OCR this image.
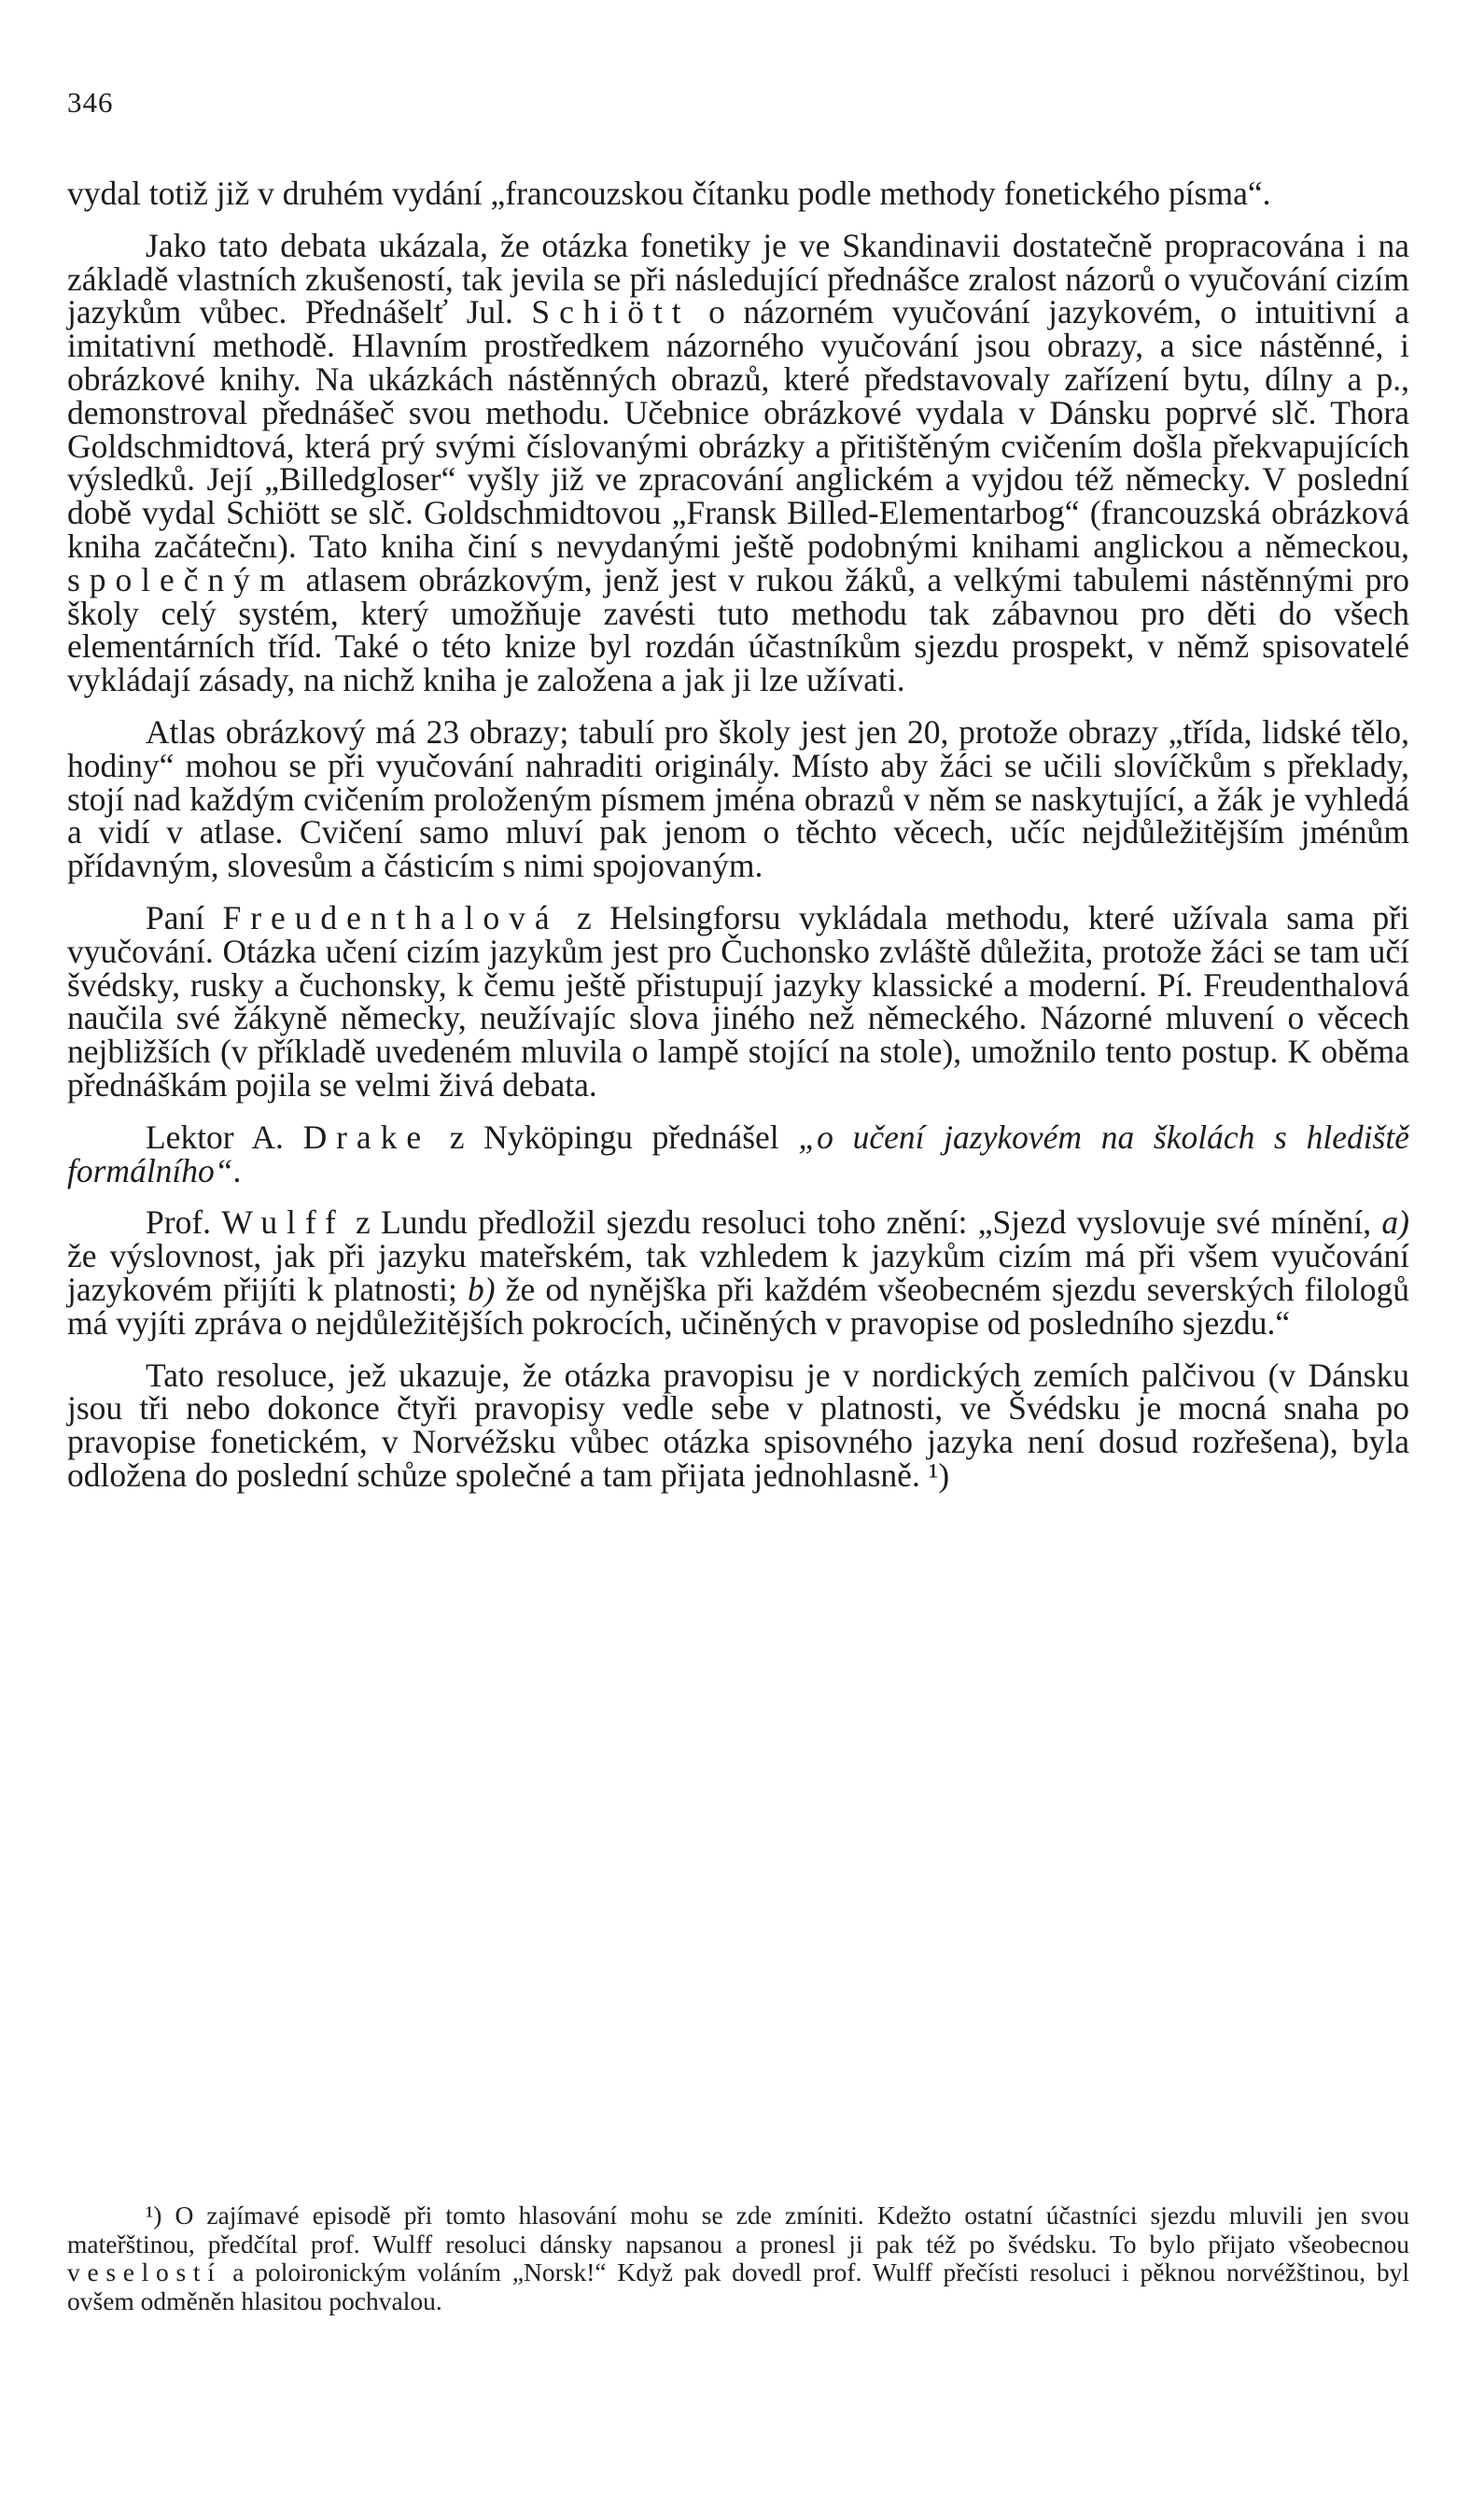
346

vydal totiž již v druhém vydání „francouzskou čítanku podle methody fonetického písma“.

Jako tato debata ukázala, že otázka fonetiky je ve Skandinavii dostatečně propracována i na základě vlastních zkušeností, tak jevila se při následující přednášce zralost názorů o vyučování cizím jazykům vůbec. Přednášelť Jul. Schiött o názorném vyučování jazykovém, o intuitivní a imitativní methodě. Hlavním prostředkem názorného vyučování jsou obrazy, a sice nástěnné, i obrázkové knihy. Na ukázkách nástěnných obrazů, které představovaly zařízení bytu, dílny a p., demonstroval přednášeč svou methodu. Učebnice obrázkové vydala v Dánsku poprvé slč. Thora Goldschmidtová, která prý svými číslovanými obrázky a přitištěným cvičením došla překvapujících výsledků. Její „Billedgloser“ vyšly již ve zpracování anglickém a vyjdou též německy. V poslední době vydal Schiött se slč. Goldschmidtovou „Fransk Billed-Elementarbog“ (francouzská obrázková kniha začátečnı). Tato kniha činí s nevydanými ještě podobnými knihami anglickou a německou, společným atlasem obrázkovým, jenž jest v rukou žáků, a velkými tabulemi nástěnnými pro školy celý systém, který umožňuje zavésti tuto methodu tak zábavnou pro děti do všech elementárních tříd. Také o této knize byl rozdán účastníkům sjezdu prospekt, v němž spisovatelé vykládají zásady, na nichž kniha je založena a jak ji lze užívati.

Atlas obrázkový má 23 obrazy; tabulí pro školy jest jen 20, protože obrazy „třída, lidské tělo, hodiny“ mohou se při vyučování nahraditi originály. Místo aby žáci se učili slovíčkům s překlady, stojí nad každým cvičením proloženým písmem jména obrazů v něm se naskytující, a žák je vyhledá a vidí v atlase. Cvičení samo mluví pak jenom o těchto věcech, učíc nejdůležitějším jménům přídavným, slovesům a částicím s nimi spojovaným.

Paní Freudenthalová z Helsingforsu vykládala methodu, které užívala sama při vyučování. Otázka učení cizím jazykům jest pro Čuchonsko zvláště důležita, protože žáci se tam učí švédsky, rusky a čuchonsky, k čemu ještě přistupují jazyky klassické a moderní. Pí. Freudenthalová naučila své žákyně německy, neužívajíc slova jiného než německého. Názorné mluvení o věcech nejbližších (v příkladě uvedeném mluvila o lampě stojící na stole), umožnilo tento postup. K oběma přednáškám pojila se velmi živá debata.

Lektor A. Drake z Nyköpingu přednášel „o učení jazykovém na školách s hlediště formálního“.

Prof. Wulff z Lundu předložil sjezdu resoluci toho znění: „Sjezd vyslovuje své mínění, a) že výslovnost, jak při jazyku mateřském, tak vzhledem k jazykům cizím má při všem vyučování jazykovém přijíti k platnosti; b) že od nynějška při každém všeobecném sjezdu severských filologů má vyjíti zpráva o nejdůležitějších pokrocích, učiněných v pravopise od posledního sjezdu.“

Tato resoluce, jež ukazuje, že otázka pravopisu je v nordických zemích palčivou (v Dánsku jsou tři nebo dokonce čtyři pravopisy vedle sebe v platnosti, ve Švédsku je mocná snaha po pravopise fonetickém, v Norvéžsku vůbec otázka spisovného jazyka není dosud rozřešena), byla odložena do poslední schůze společné a tam přijata jednohlasně. ¹)

¹) O zajímavé episodě při tomto hlasování mohu se zde zmíniti. Kdežto ostatní účastníci sjezdu mluvili jen svou mateřštinou, předčítal prof. Wulff resoluci dánsky napsanou a pronesl ji pak též po švédsku. To bylo přijato všeobecnou veselostí a poloironickým voláním „Norsk!“ Když pak dovedl prof. Wulff přečísti resoluci i pěknou norvéžštinou, byl ovšem odměněn hlasitou pochvalou.
